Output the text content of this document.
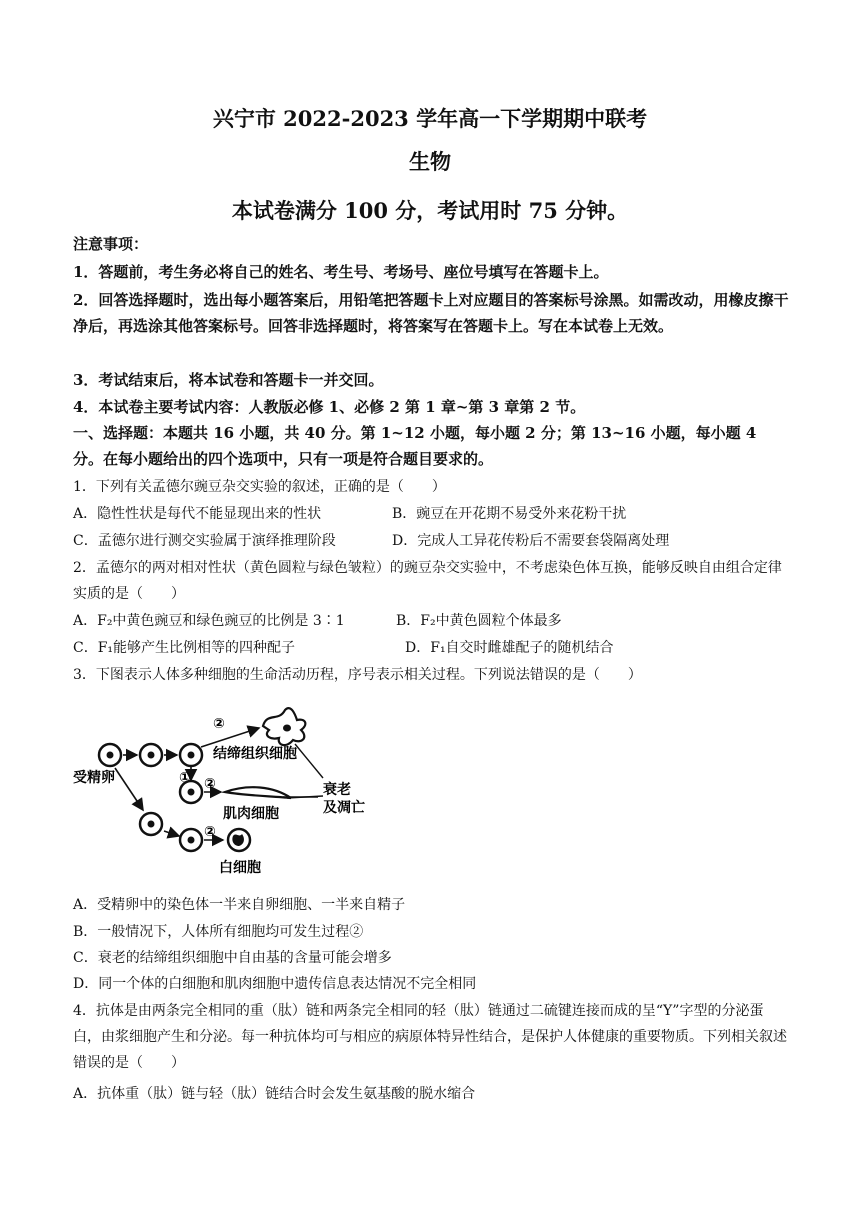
兴宁市 2022-2023 学年高一下学期期中联考
生物
本试卷满分 100 分，考试用时 75 分钟。
注意事项：
1．答题前，考生务必将自己的姓名、考生号、考场号、座位号填写在答题卡上。
2．回答选择题时，选出每小题答案后，用铅笔把答题卡上对应题目的答案标号涂黑。如需改动，用橡皮擦干净后，再选涂其他答案标号。回答非选择题时，将答案写在答题卡上。写在本试卷上无效。
3．考试结束后，将本试卷和答题卡一并交回。
4．本试卷主要考试内容：人教版必修 1、必修 2 第 1 章~第 3 章第 2 节。
一、选择题：本题共 16 小题，共 40 分。第 1~12 小题，每小题 2 分；第 13~16 小题，每小题 4 分。在每小题给出的四个选项中，只有一项是符合题目要求的。
1．下列有关孟德尔豌豆杂交实验的叙述，正确的是（　　）
A．隐性性状是每代不能显现出来的性状	B．豌豆在开花期不易受外来花粉干扰
C．孟德尔进行测交实验属于演绎推理阶段	D．完成人工异花传粉后不需要套袋隔离处理
2．孟德尔的两对相对性状（黄色圆粒与绿色皱粒）的豌豆杂交实验中，不考虑染色体互换，能够反映自由组合定律实质的是（　　）
A．F₂中黄色豌豆和绿色豌豆的比例是 3∶1	B．F₂中黄色圆粒个体最多
C．F₁能够产生比例相等的四种配子	D．F₁自交时雌雄配子的随机结合
3．下图表示人体多种细胞的生命活动历程，序号表示相关过程。下列说法错误的是（　　）
②
结缔组织细胞
① ②
肌肉细胞
衰老
及凋亡
受精卵
②
白细胞
A．受精卵中的染色体一半来自卵细胞、一半来自精子
B．一般情况下，人体所有细胞均可发生过程②
C．衰老的结缔组织细胞中自由基的含量可能会增多
D．同一个体的白细胞和肌肉细胞中遗传信息表达情况不完全相同
4．抗体是由两条完全相同的重（肽）链和两条完全相同的轻（肽）链通过二硫键连接而成的呈“Y”字型的分泌蛋白，由浆细胞产生和分泌。每一种抗体均可与相应的病原体特异性结合，是保护人体健康的重要物质。下列相关叙述错误的是（　　）
A．抗体重（肽）链与轻（肽）链结合时会发生氨基酸的脱水缩合
